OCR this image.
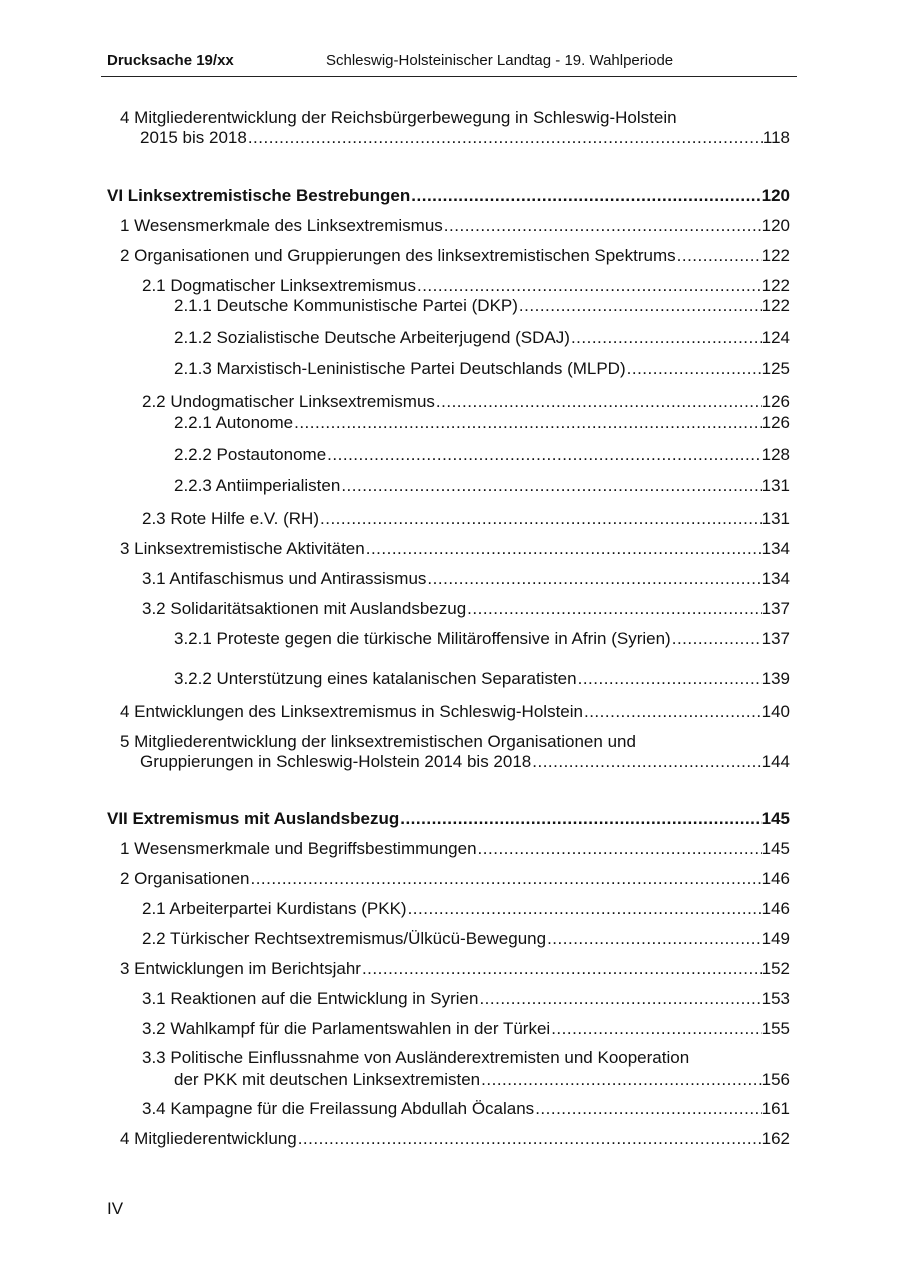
Drucksache 19/xx	Schleswig-Holsteinischer Landtag - 19. Wahlperiode
4 Mitgliederentwicklung der Reichsbürgerbewegung in Schleswig-Holstein
2015 bis 2018 .....	118
VI Linksextremistische Bestrebungen .....	120
1 Wesensmerkmale des Linksextremismus .....	120
2 Organisationen und Gruppierungen des linksextremistischen Spektrums .....	122
2.1 Dogmatischer Linksextremismus .....	122
2.1.1 Deutsche Kommunistische Partei (DKP) .....	122
2.1.2 Sozialistische Deutsche Arbeiterjugend (SDAJ) .....	124
2.1.3 Marxistisch-Leninistische Partei Deutschlands (MLPD) .....	125
2.2 Undogmatischer Linksextremismus .....	126
2.2.1 Autonome .....	126
2.2.2 Postautonome .....	128
2.2.3 Antiimperialisten .....	131
2.3 Rote Hilfe e.V. (RH) .....	131
3 Linksextremistische Aktivitäten .....	134
3.1 Antifaschismus und Antirassismus .....	134
3.2 Solidaritätsaktionen mit Auslandsbezug .....	137
3.2.1 Proteste gegen die türkische Militäroffensive in Afrin (Syrien) .....	137
3.2.2 Unterstützung eines katalanischen Separatisten .....	139
4 Entwicklungen des Linksextremismus in Schleswig-Holstein .....	140
5 Mitgliederentwicklung der linksextremistischen Organisationen und
Gruppierungen in Schleswig-Holstein 2014 bis 2018 .....	144
VII Extremismus mit Auslandsbezug .....	145
1 Wesensmerkmale und Begriffsbestimmungen .....	145
2 Organisationen .....	146
2.1 Arbeiterpartei Kurdistans (PKK) .....	146
2.2 Türkischer Rechtsextremismus/Ülkücü-Bewegung .....	149
3 Entwicklungen im Berichtsjahr .....	152
3.1 Reaktionen auf die Entwicklung in Syrien .....	153
3.2 Wahlkampf für die Parlamentswahlen in der Türkei .....	155
3.3 Politische Einflussnahme von Ausländerextremisten und Kooperation
der PKK mit deutschen Linksextremisten .....	156
3.4 Kampagne für die Freilassung Abdullah Öcalans .....	161
4 Mitgliederentwicklung .....	162
IV
